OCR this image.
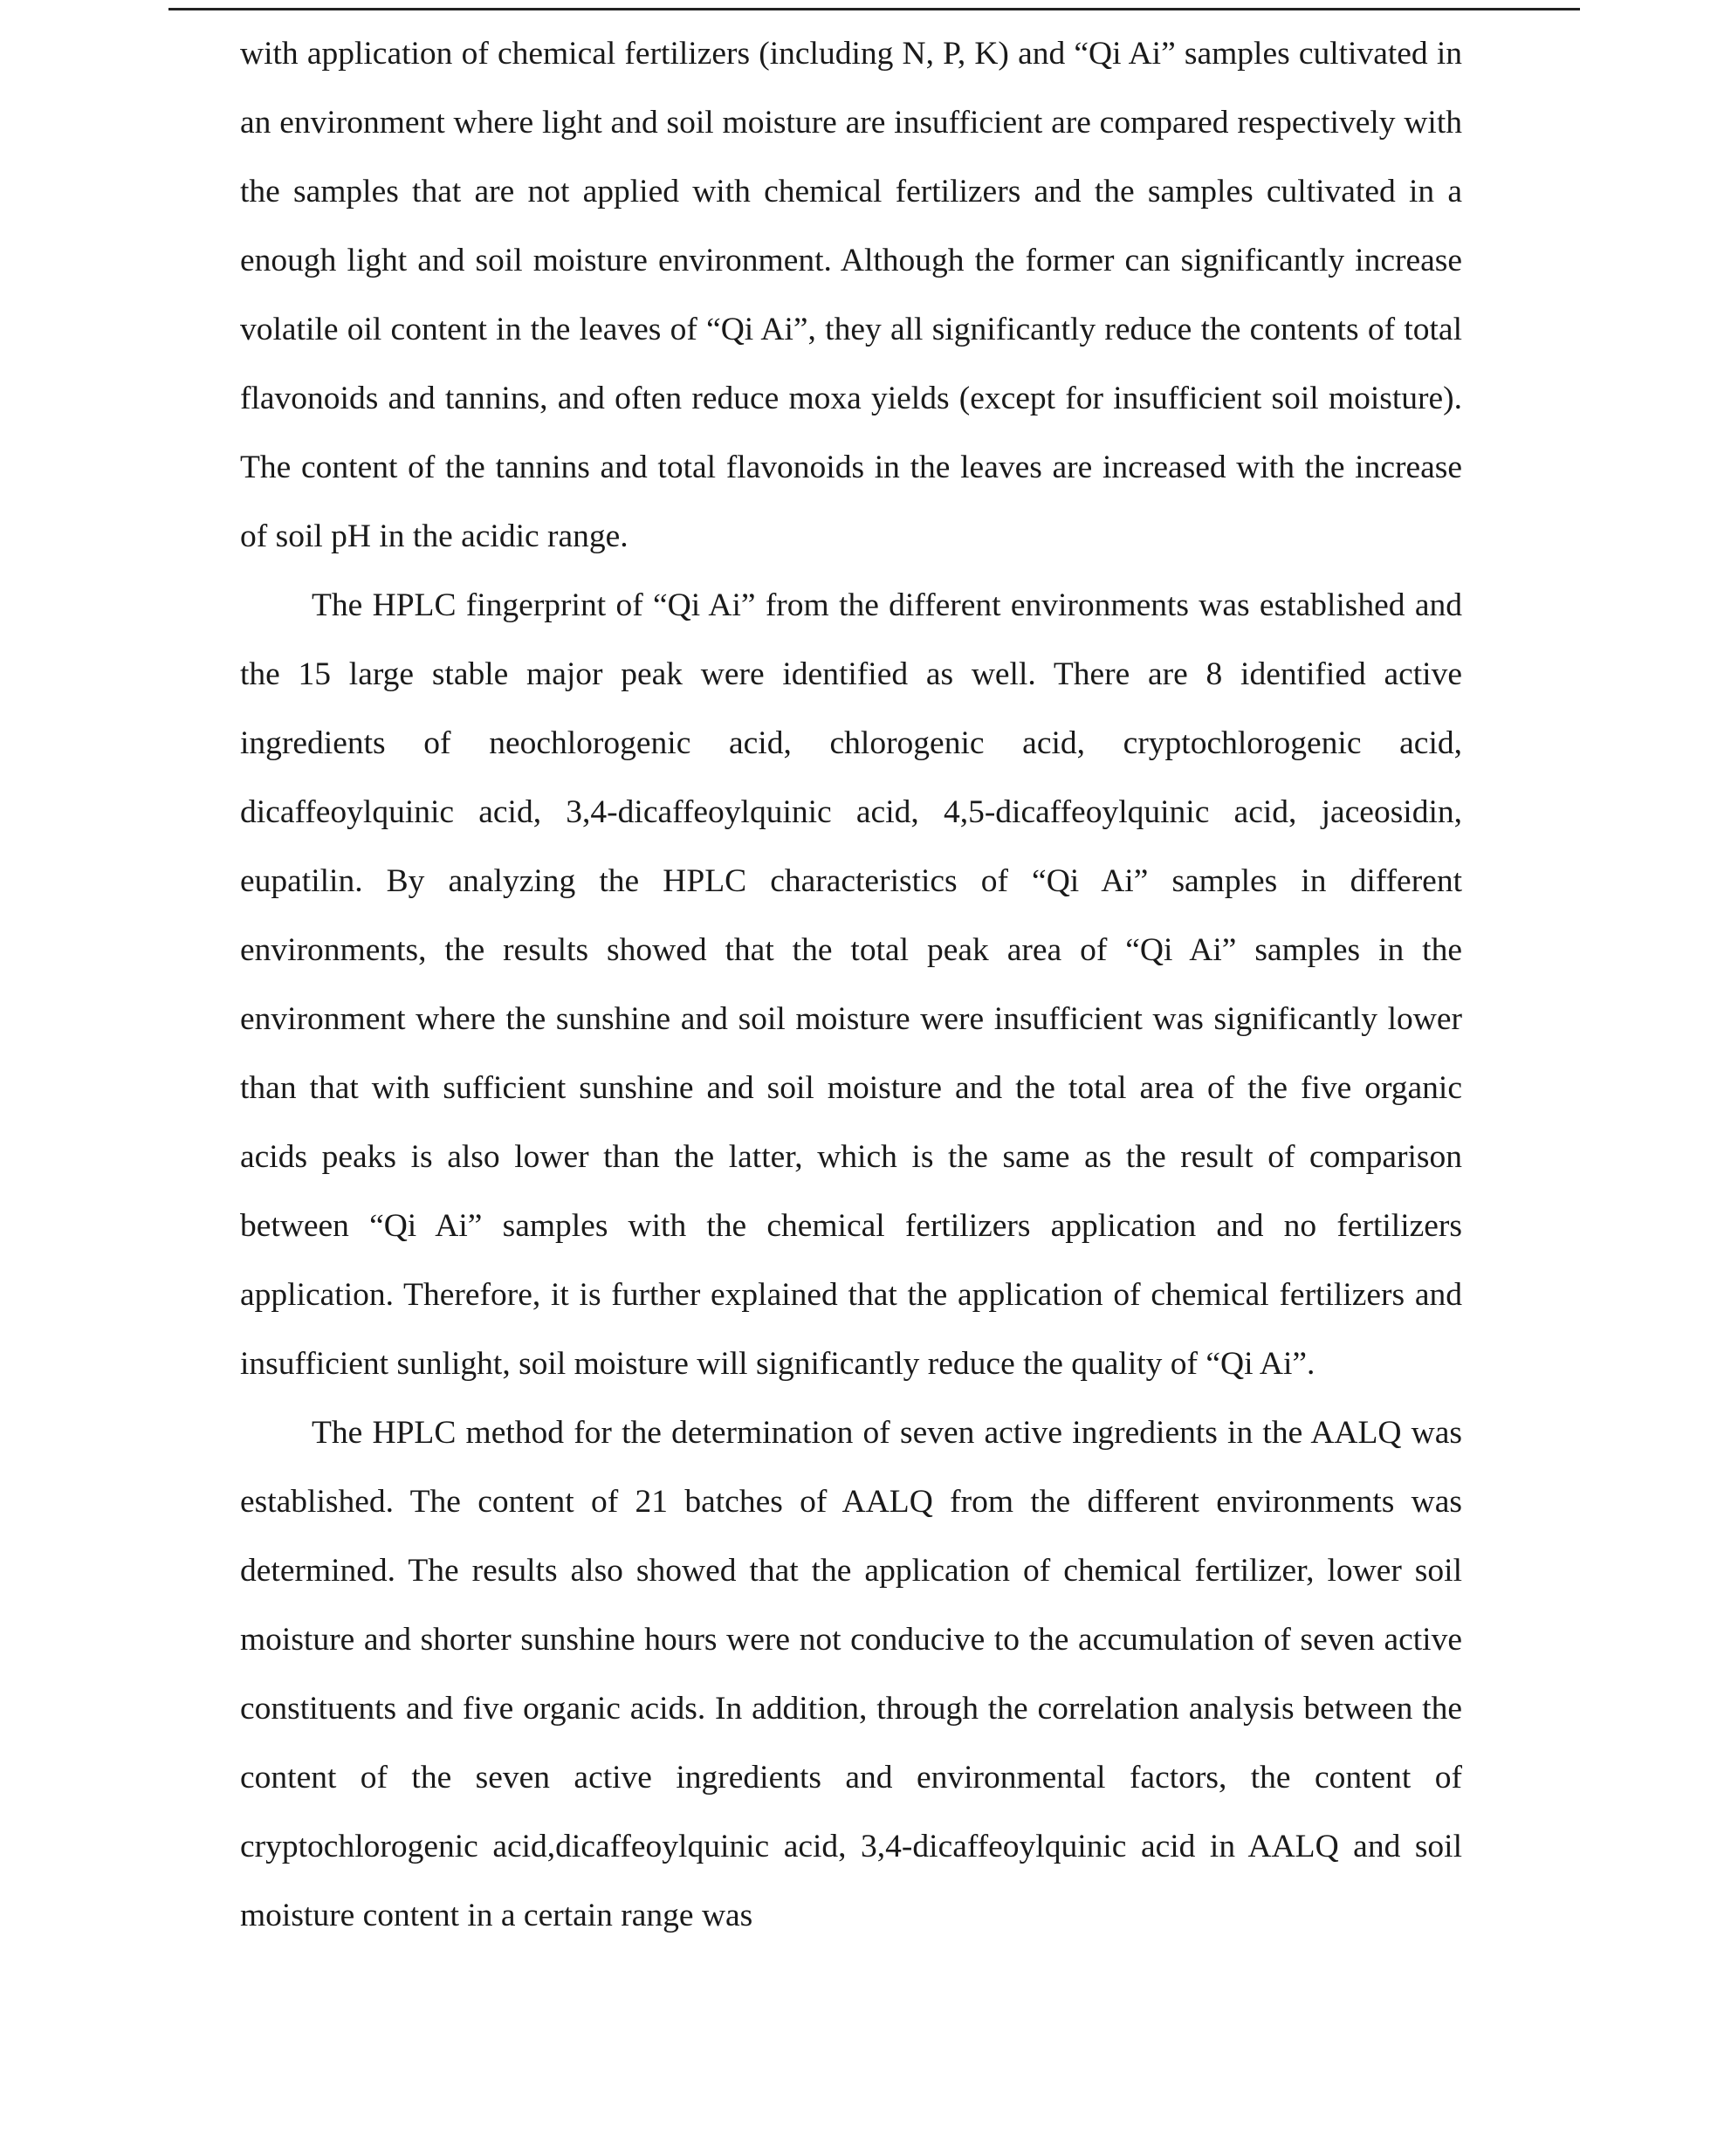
with application of chemical fertilizers (including N, P, K) and “Qi Ai” samples cultivated in an environment where light and soil moisture are insufficient are compared respectively with the samples that are not applied with chemical fertilizers and the samples cultivated in a enough light and soil moisture environment. Although the former can significantly increase volatile oil content in the leaves of “Qi Ai”, they all significantly reduce the contents of total flavonoids and tannins, and often reduce moxa yields (except for insufficient soil moisture). The content of the tannins and total flavonoids in the leaves are increased with the increase of soil pH in the acidic range.

The HPLC fingerprint of “Qi Ai” from the different environments was established and the 15 large stable major peak were identified as well. There are 8 identified active ingredients of neochlorogenic acid, chlorogenic acid, cryptochlorogenic acid, dicaffeoylquinic acid, 3,4-dicaffeoylquinic acid, 4,5-dicaffeoylquinic acid, jaceosidin, eupatilin. By analyzing the HPLC characteristics of “Qi Ai” samples in different environments, the results showed that the total peak area of “Qi Ai” samples in the environment where the sunshine and soil moisture were insufficient was significantly lower than that with sufficient sunshine and soil moisture and the total area of the five organic acids peaks is also lower than the latter, which is the same as the result of comparison between “Qi Ai” samples with the chemical fertilizers application and no fertilizers application. Therefore, it is further explained that the application of chemical fertilizers and insufficient sunlight, soil moisture will significantly reduce the quality of “Qi Ai”.

The HPLC method for the determination of seven active ingredients in the AALQ was established. The content of 21 batches of AALQ from the different environments was determined. The results also showed that the application of chemical fertilizer, lower soil moisture and shorter sunshine hours were not conducive to the accumulation of seven active constituents and five organic acids. In addition, through the correlation analysis between the content of the seven active ingredients and environmental factors, the content of cryptochlorogenic acid,dicaffeoylquinic acid, 3,4-dicaffeoylquinic acid in AALQ and soil moisture content in a certain range was
